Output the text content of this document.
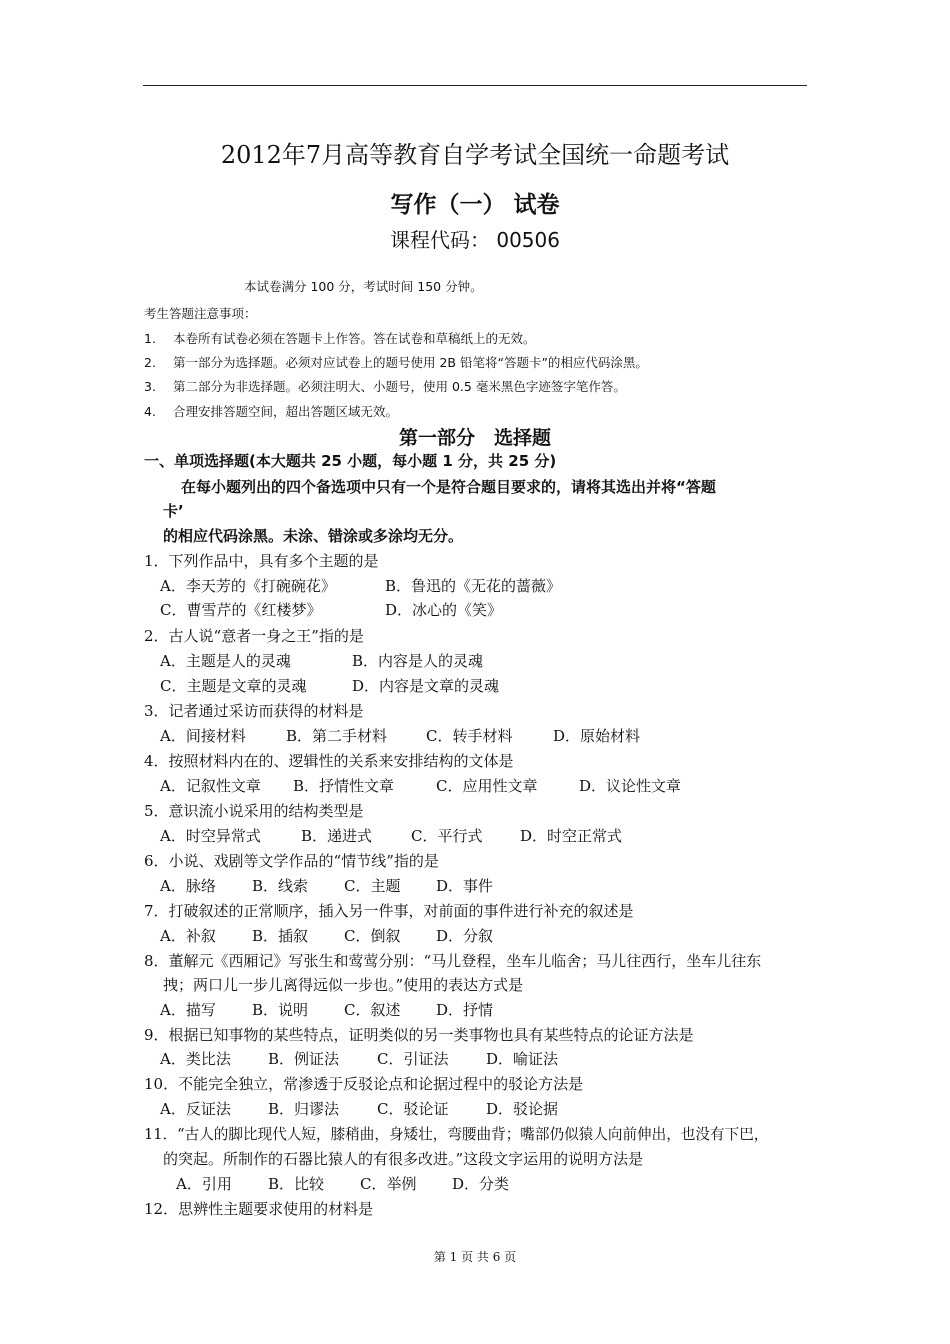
2012年7月高等教育自学考试全国统一命题考试
写作（一） 试卷
课程代码： 00506
本试卷满分 100 分，考试时间 150 分钟。
考生答题注意事项：
1. 本卷所有试卷必须在答题卡上作答。答在试卷和草稿纸上的无效。
2. 第一部分为选择题。必须对应试卷上的题号使用 2B 铅笔将“答题卡”的相应代码涂黑。
3. 第二部分为非选择题。必须注明大、小题号，使用 0.5 毫米黑色字迹签字笔作答。
4. 合理安排答题空间，超出答题区域无效。
第一部分　选择题
一、单项选择题(本大题共 25 小题，每小题 1 分，共 25 分)
在每小题列出的四个备选项中只有一个是符合题目要求的，请将其选出并将“答题
卡’
的相应代码涂黑。未涂、错涂或多涂均无分。
1．下列作品中，具有多个主题的是
A．李天芳的《打碗碗花》	B．鲁迅的《无花的蔷薇》
C．曹雪芹的《红楼梦》	D．冰心的《笑》
2．古人说“意者一身之王”指的是
A．主题是人的灵魂	B．内容是人的灵魂
C．主题是文章的灵魂	D．内容是文章的灵魂
3．记者通过采访而获得的材料是
A．间接材料	B．第二手材料	C．转手材料	D．原始材料
4．按照材料内在的、逻辑性的关系来安排结构的文体是
A．记叙性文章 B．抒情性文章	C．应用性文章	D．议论性文章
5．意识流小说采用的结构类型是
A．时空异常式	B．递进式	C．平行式	D．时空正常式
6．小说、戏剧等文学作品的“情节线”指的是
A．脉络 B．线索 C．主题 D．事件
7．打破叙述的正常顺序，插入另一件事，对前面的事件进行补充的叙述是
A．补叙 B．插叙 C．倒叙 D．分叙
8．董解元《西厢记》写张生和莺莺分别：“马儿登程，坐车儿临舍；马儿往西行，坐车儿往东
拽；两口儿一步儿离得远似一步也。”使用的表达方式是
A．描写 B．说明 C．叙述 D．抒情
9．根据已知事物的某些特点，证明类似的另一类事物也具有某些特点的论证方法是
A．类比法 B．例证法	C．引证法	D．喻证法
10．不能完全独立，常渗透于反驳论点和论据过程中的驳论方法是
A．反证法 B．归谬法	C．驳论证	D．驳论据
11．“古人的脚比现代人短，膝稍曲，身矮壮，弯腰曲背；嘴部仍似猿人向前伸出，也没有下巴，
的突起。所制作的石器比猿人的有很多改进。”这段文字运用的说明方法是
A．引用 B．比较 C．举例 D．分类
12．思辨性主题要求使用的材料是
第 1 页 共 6 页
